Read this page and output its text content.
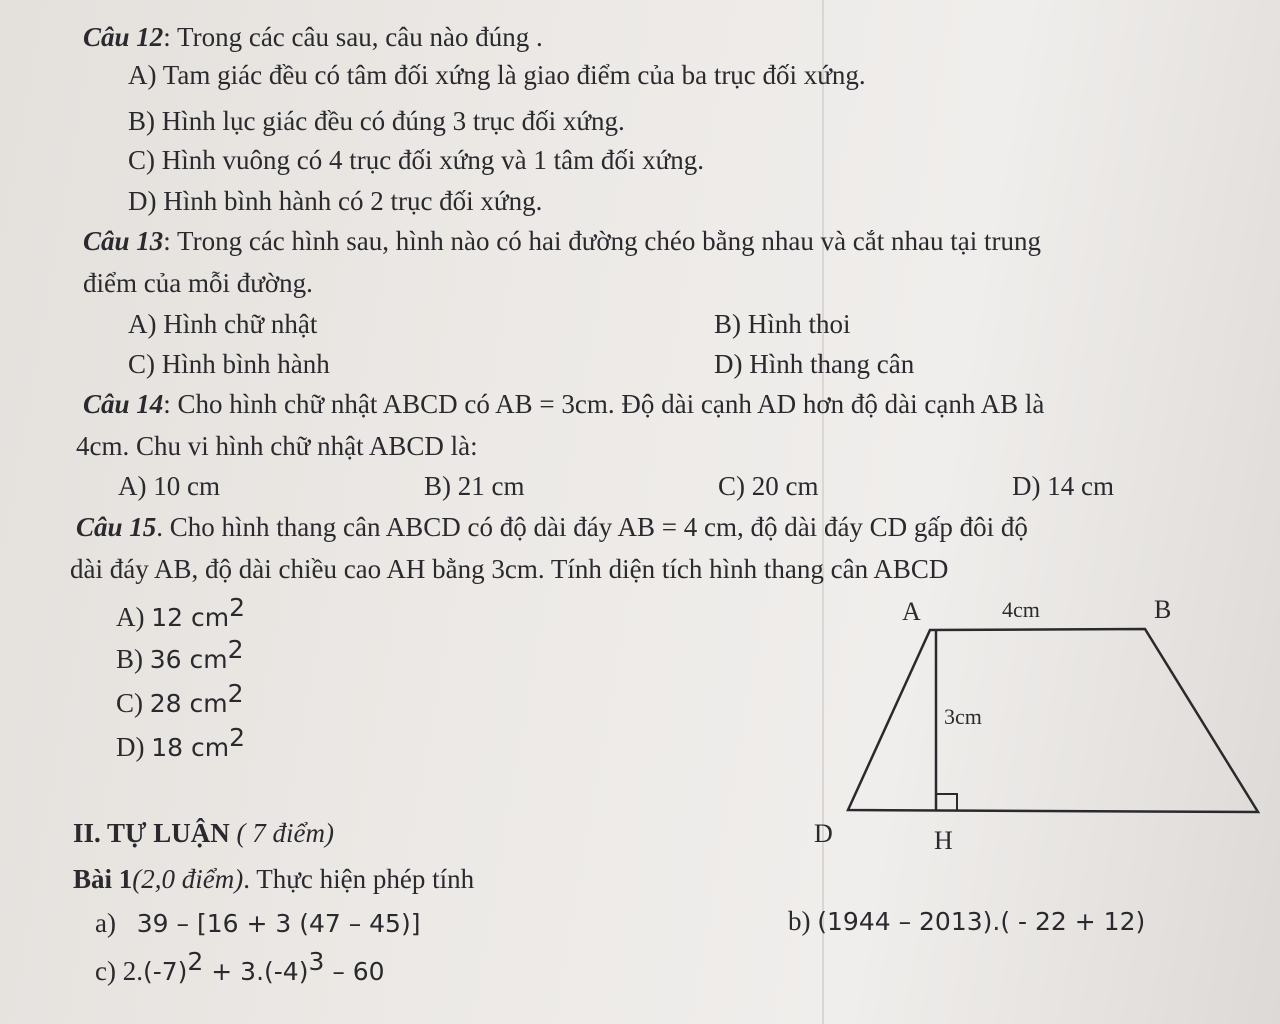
Câu 12: Trong các câu sau, câu nào đúng .
A) Tam giác đều có tâm đối xứng là giao điểm của ba trục đối xứng.
B) Hình lục giác đều có đúng 3 trục đối xứng.
C) Hình vuông có 4 trục đối xứng và 1 tâm đối xứng.
D) Hình bình hành có 2 trục đối xứng.
Câu 13: Trong các hình sau, hình nào có hai đường chéo bằng nhau và cắt nhau tại trung
điểm của mỗi đường.
A) Hình chữ nhật	B) Hình thoi
C) Hình bình hành	D) Hình thang cân
Câu 14: Cho hình chữ nhật ABCD có AB = 3cm. Độ dài cạnh AD hơn độ dài cạnh AB là
4cm. Chu vi hình chữ nhật ABCD là:
A) 10 cm	B) 21 cm	C) 20 cm	D) 14 cm
Câu 15. Cho hình thang cân ABCD có độ dài đáy AB = 4 cm, độ dài đáy CD gấp đôi độ
dài đáy AB, độ dài chiều cao AH bằng 3cm. Tính diện tích hình thang cân ABCD
A) 12 $cm^2$
B) 36 $cm^2$
C) 28 $cm^2$
D) 18 $cm^2$
A	B
D	H
4cm
3cm
II. TỰ LUẬN ( 7 điểm)
Bài 1(2,0 điểm). Thực hiện phép tính
a) 39 – [16 + 3 (47 – 45)]	b) (1944 – 2013).( - 22 + 12)
c) $2.(-7)^2 + 3.(-4)^3 - 60$
